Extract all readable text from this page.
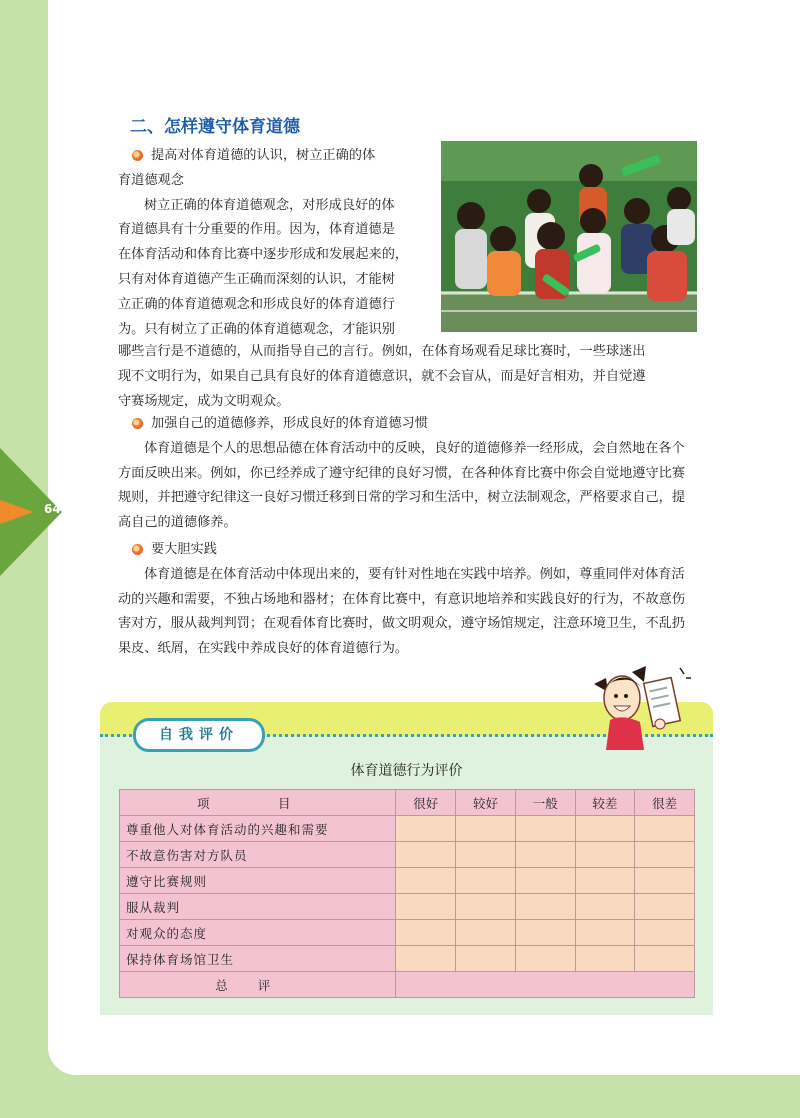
64
二、怎样遵守体育道德

提高对体育道德的认识，树立正确的体

育道德观念

树立正确的体育道德观念，对形成良好的体

育道德具有十分重要的作用。因为，体育道德是

在体育活动和体育比赛中逐步形成和发展起来的，

只有对体育道德产生正确而深刻的认识，才能树

立正确的体育道德观念和形成良好的体育道德行

为。只有树立了正确的体育道德观念，才能识别

哪些言行是不道德的，从而指导自己的言行。例如，在体育场观看足球比赛时，一些球迷出

现不文明行为，如果自己具有良好的体育道德意识，就不会盲从，而是好言相劝，并自觉遵

守赛场规定，成为文明观众。

加强自己的道德修养，形成良好的体育道德习惯

体育道德是个人的思想品德在体育活动中的反映，良好的道德修养一经形成，会自然地在各个方面反映出来。例如，你已经养成了遵守纪律的良好习惯，在各种体育比赛中你会自觉地遵守比赛规则，并把遵守纪律这一良好习惯迁移到日常的学习和生活中，树立法制观念，严格要求自己，提高自己的道德修养。

要大胆实践

体育道德是在体育活动中体现出来的，要有针对性地在实践中培养。例如，尊重同伴对体育活动的兴趣和需要，不独占场地和器材；在体育比赛中，有意识地培养和实践良好的行为，不故意伤害对方，服从裁判判罚；在观看体育比赛时，做文明观众，遵守场馆规定，注意环境卫生，不乱扔果皮、纸屑，在实践中养成良好的体育道德行为。

自我评价
体育道德行为评价
项　目	很好	较好	一般	较差	很差
尊重他人对体育活动的兴趣和需要					
不故意伤害对方队员					
遵守比赛规则					
服从裁判					
对观众的态度					
保持体育场馆卫生					
总评					
